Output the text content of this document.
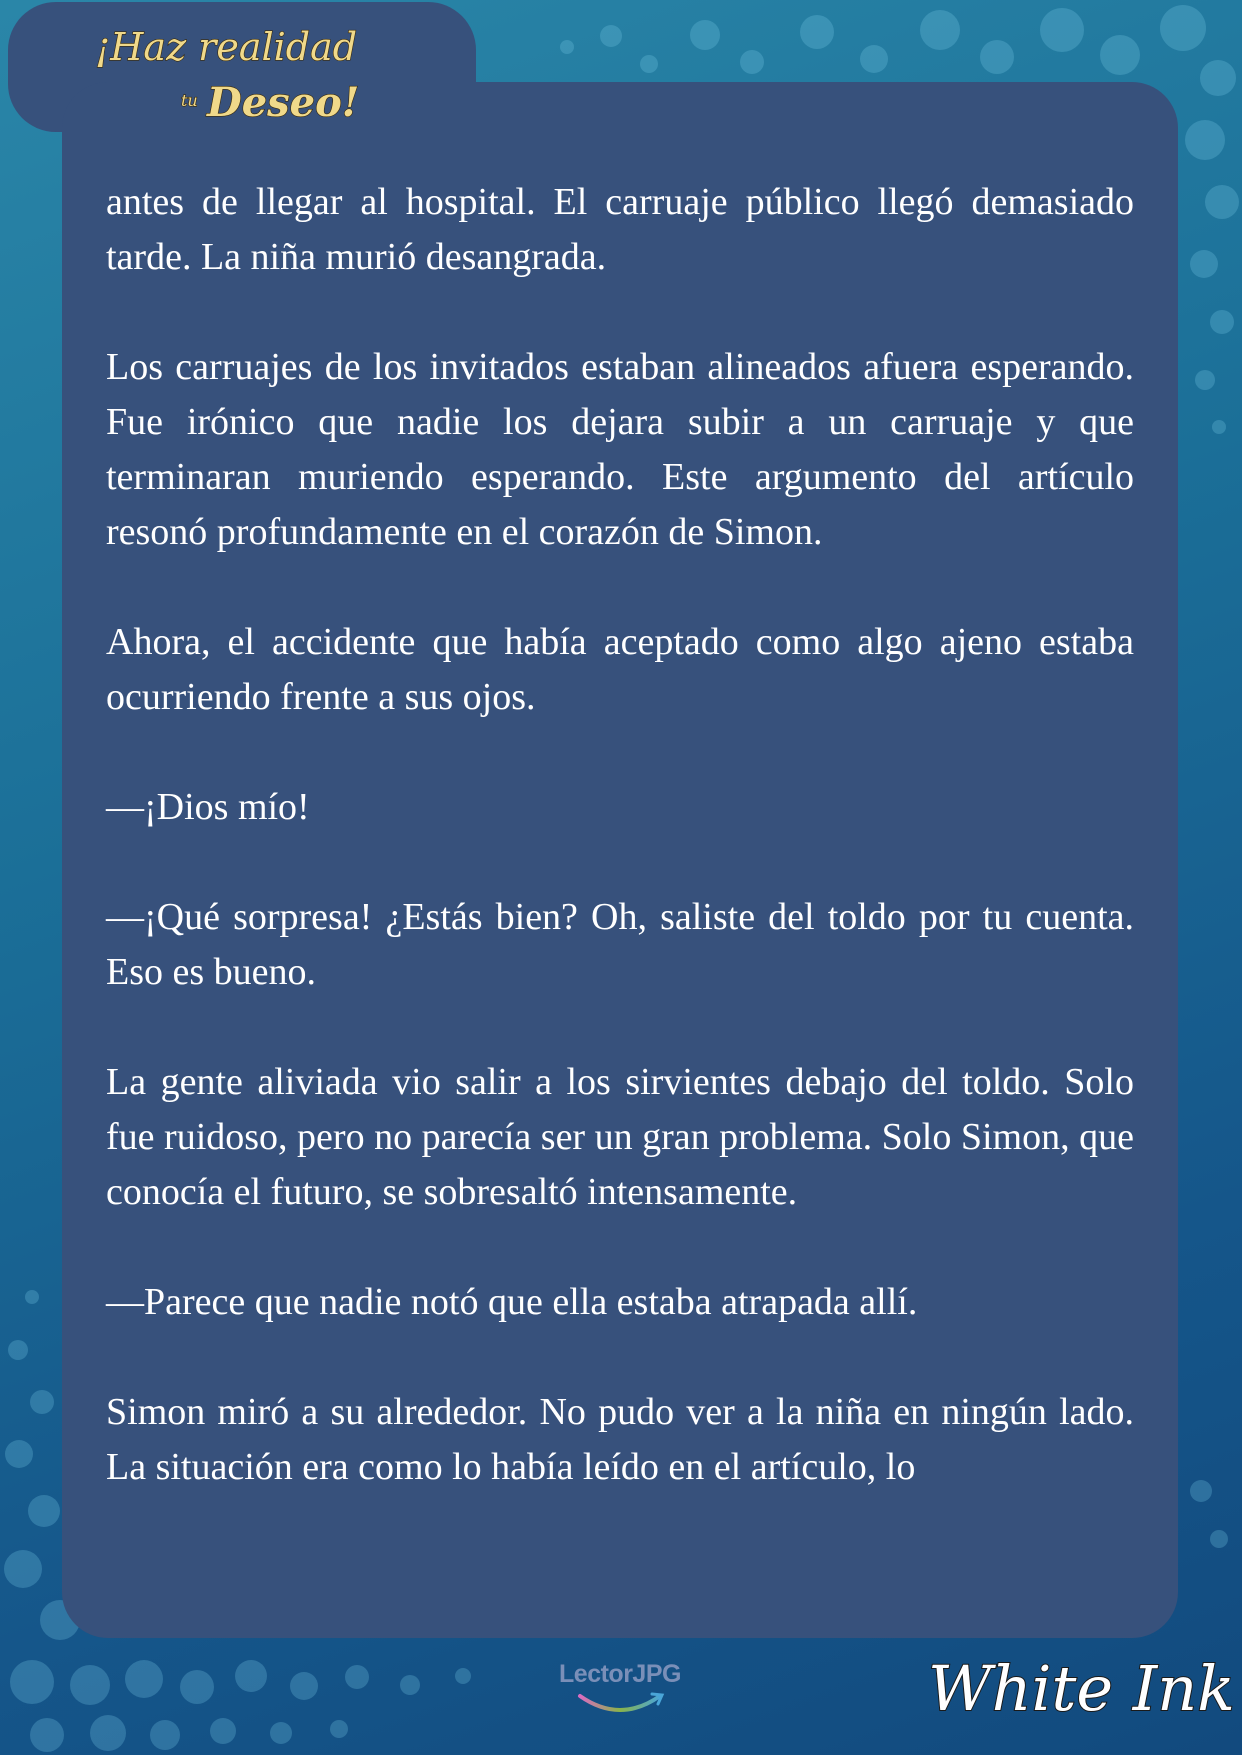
¡Haz realidad
tu Deseo!

antes de llegar al hospital. El carruaje público llegó demasiado tarde. La niña murió desangrada.

Los carruajes de los invitados estaban alineados afuera esperando. Fue irónico que nadie los dejara subir a un carruaje y que terminaran muriendo esperando. Este argumento del artículo resonó profundamente en el corazón de Simon.

Ahora, el accidente que había aceptado como algo ajeno estaba ocurriendo frente a sus ojos.

—¡Dios mío!

—¡Qué sorpresa! ¿Estás bien? Oh, saliste del toldo por tu cuenta. Eso es bueno.

La gente aliviada vio salir a los sirvientes debajo del toldo. Solo fue ruidoso, pero no parecía ser un gran problema. Solo Simon, que conocía el futuro, se sobresaltó intensamente.

—Parece que nadie notó que ella estaba atrapada allí.

Simon miró a su alrededor. No pudo ver a la niña en ningún lado. La situación era como lo había leído en el artículo, lo

LectorJPG	White Ink
